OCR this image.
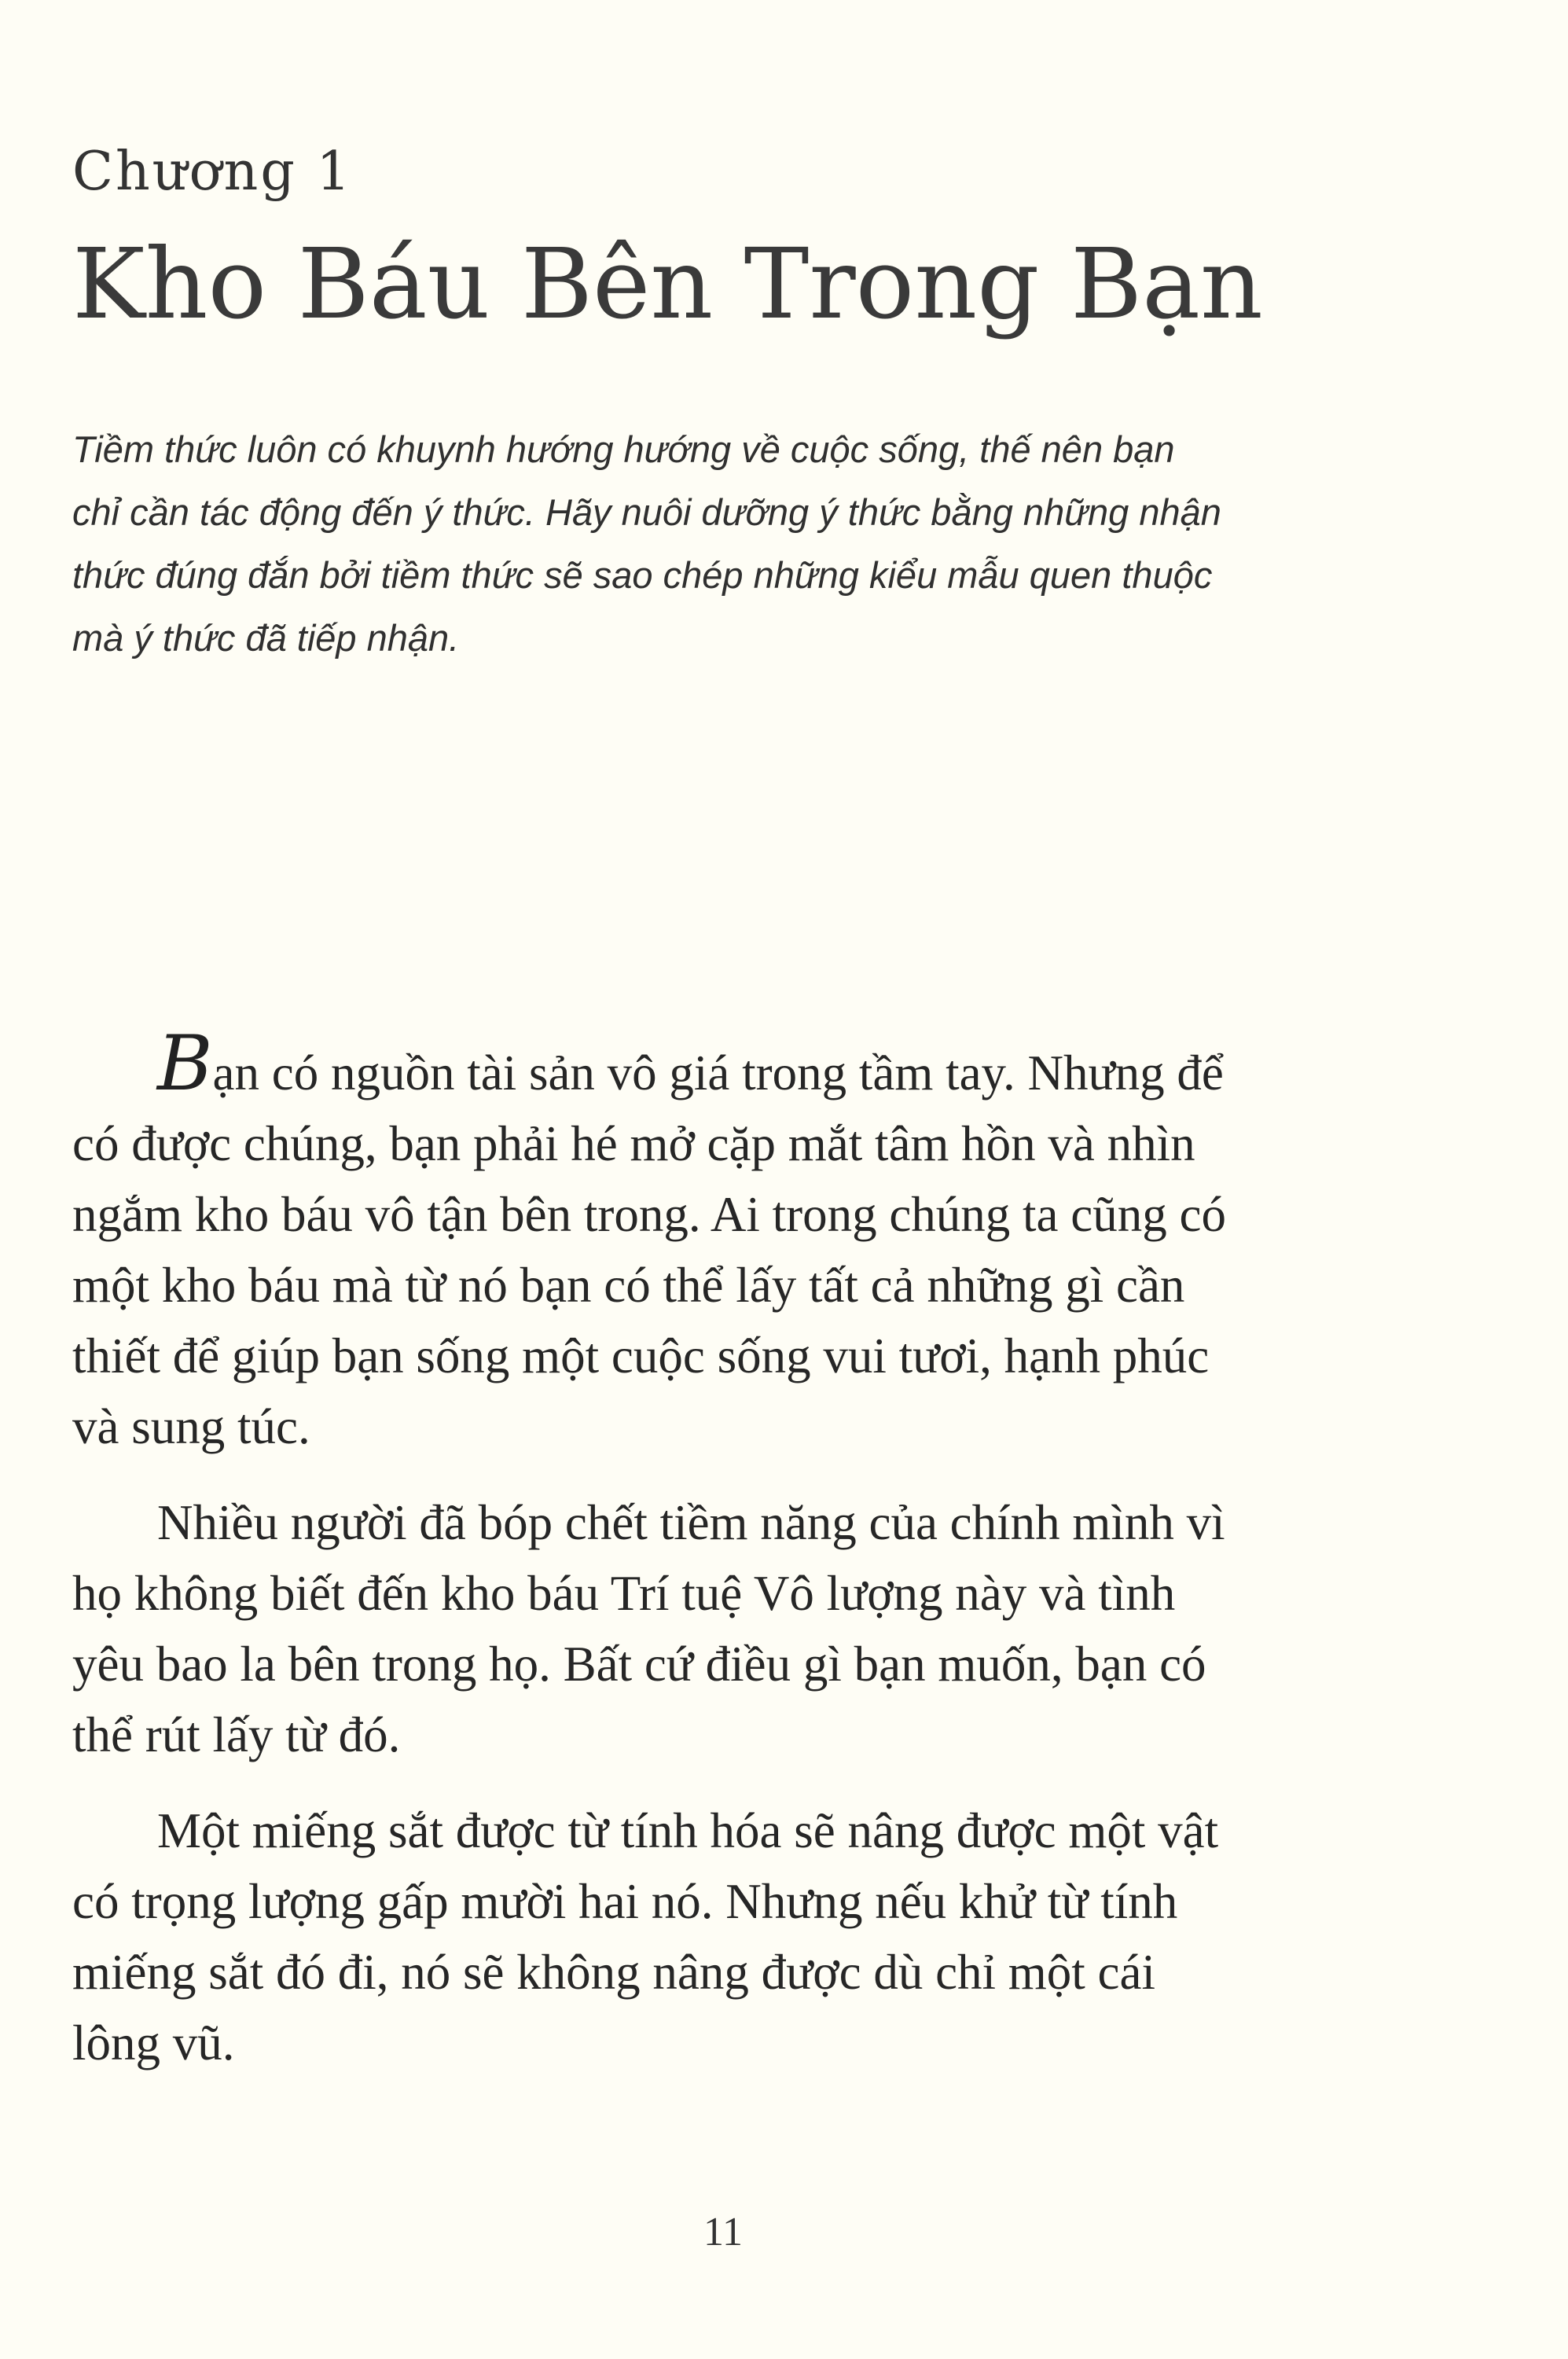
Chương 1
Kho Báu Bên Trong Bạn

Tiềm thức luôn có khuynh hướng hướng về cuộc sống, thế nên bạn
chỉ cần tác động đến ý thức. Hãy nuôi dưỡng ý thức bằng những nhận
thức đúng đắn bởi tiềm thức sẽ sao chép những kiểu mẫu quen thuộc
mà ý thức đã tiếp nhận.

Bạn có nguồn tài sản vô giá trong tầm tay. Nhưng để
có được chúng, bạn phải hé mở cặp mắt tâm hồn và nhìn
ngắm kho báu vô tận bên trong. Ai trong chúng ta cũng có
một kho báu mà từ nó bạn có thể lấy tất cả những gì cần
thiết để giúp bạn sống một cuộc sống vui tươi, hạnh phúc
và sung túc.

Nhiều người đã bóp chết tiềm năng của chính mình vì
họ không biết đến kho báu Trí tuệ Vô lượng này và tình
yêu bao la bên trong họ. Bất cứ điều gì bạn muốn, bạn có
thể rút lấy từ đó.

Một miếng sắt được từ tính hóa sẽ nâng được một vật
có trọng lượng gấp mười hai nó. Nhưng nếu khử từ tính
miếng sắt đó đi, nó sẽ không nâng được dù chỉ một cái
lông vũ.

11
